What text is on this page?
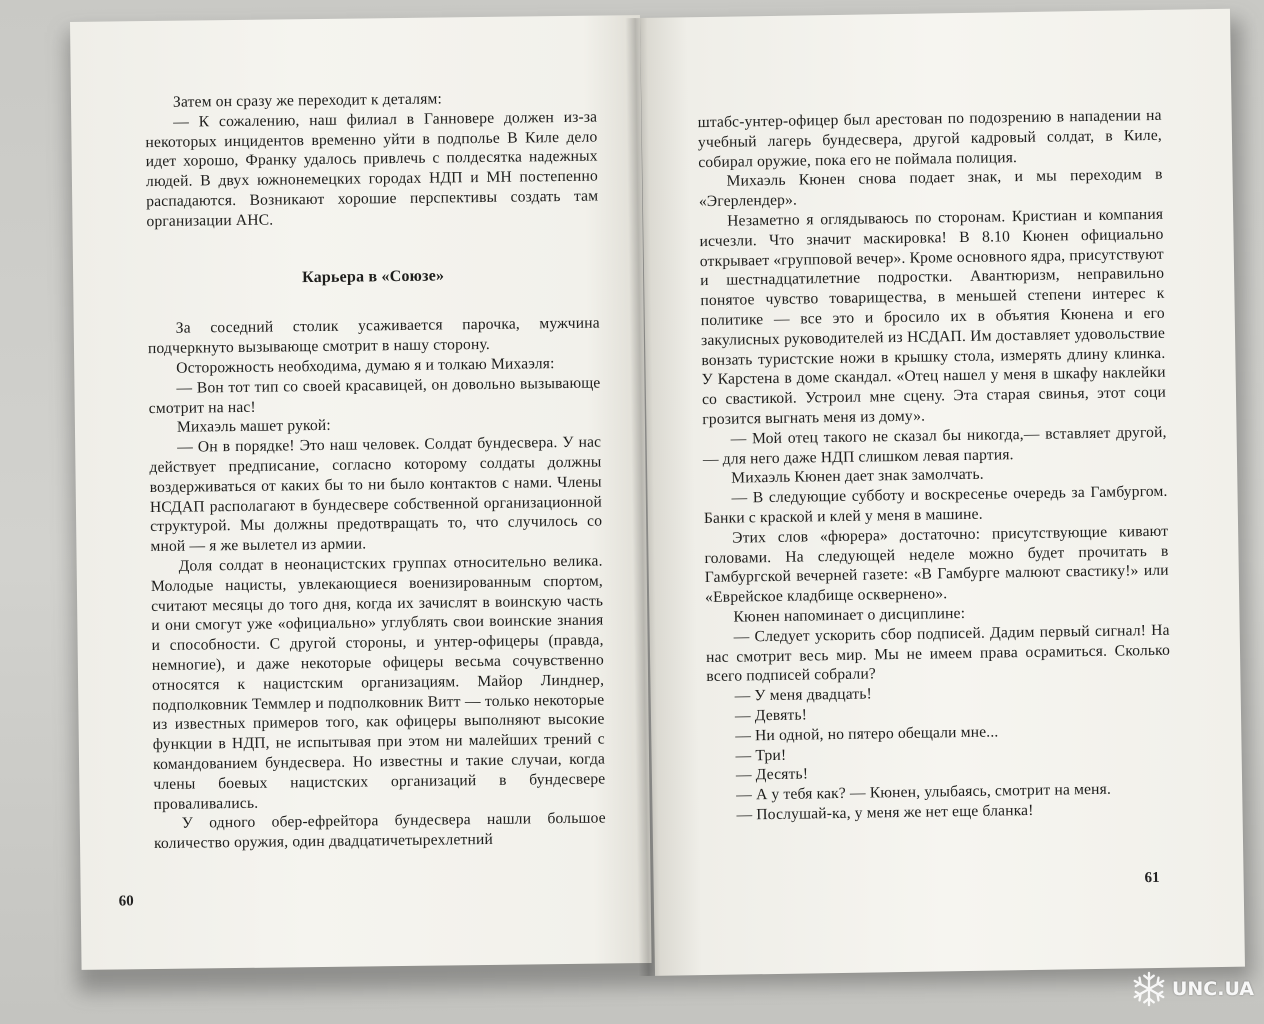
Затем он сразу же переходит к деталям:

— К сожалению, наш филиал в Ганновере должен из-за некоторых инцидентов временно уйти в подполье В Киле дело идет хорошо, Франку удалось привлечь с полдесятка надежных людей. В двух южнонемецких городах НДП и МН постепенно распадаются. Возникают хорошие перспективы создать там организации АНС.

Карьера в «Союзе»

За соседний столик усаживается парочка, мужчина подчеркнуто вызывающе смотрит в нашу сторону.

Осторожность необходима, думаю я и толкаю Михаэля:

— Вон тот тип со своей красавицей, он довольно вызывающе смотрит на нас!

Михаэль машет рукой:

— Он в порядке! Это наш человек. Солдат бундесвера. У нас действует предписание, согласно которому солдаты должны воздерживаться от каких бы то ни было контактов с нами. Члены НСДАП располагают в бундесвере собственной организационной структурой. Мы должны предотвращать то, что случилось со мной — я же вылетел из армии.

Доля солдат в неонацистских группах относительно велика. Молодые нацисты, увлекающиеся военизированным спортом, считают месяцы до того дня, когда их зачислят в воинскую часть и они смогут уже «официально» углублять свои воинские знания и способности. С другой стороны, и унтер-офицеры (правда, немногие), и даже некоторые офицеры весьма сочувственно относятся к нацистским организациям. Майор Линднер, подполковник Теммлер и подполковник Витт — только некоторые из известных примеров того, как офицеры выполняют высокие функции в НДП, не испытывая при этом ни малейших трений с командованием бундесвера. Но известны и такие случаи, когда члены боевых нацистских организаций в бундесвере проваливались.

У одного обер-ефрейтора бундесвера нашли большое количество оружия, один двадцатичетырехлетний

60

штабс-унтер-офицер был арестован по подозрению в нападении на учебный лагерь бундесвера, другой кадровый солдат, в Киле, собирал оружие, пока его не поймала полиция.

Михаэль Кюнен снова подает знак, и мы переходим в «Эгерлендер».

Незаметно я оглядываюсь по сторонам. Кристиан и компания исчезли. Что значит маскировка! В 8.10 Кюнен официально открывает «групповой вечер». Кроме основного ядра, присутствуют и шестнадцатилетние подростки. Авантюризм, неправильно понятое чувство товарищества, в меньшей степени интерес к политике — все это и бросило их в объятия Кюнена и его закулисных руководителей из НСДАП. Им доставляет удовольствие вонзать туристские ножи в крышку стола, измерять длину клинка. У Карстена в доме скандал. «Отец нашел у меня в шкафу наклейки со свастикой. Устроил мне сцену. Эта старая свинья, этот соци грозится выгнать меня из дому».

— Мой отец такого не сказал бы никогда,— вставляет другой,— для него даже НДП слишком левая партия.

Михаэль Кюнен дает знак замолчать.

— В следующие субботу и воскресенье очередь за Гамбургом. Банки с краской и клей у меня в машине.

Этих слов «фюрера» достаточно: присутствующие кивают головами. На следующей неделе можно будет прочитать в Гамбургской вечерней газете: «В Гамбурге малюют свастику!» или «Еврейское кладбище осквернено».

Кюнен напоминает о дисциплине:

— Следует ускорить сбор подписей. Дадим первый сигнал! На нас смотрит весь мир. Мы не имеем права осрамиться. Сколько всего подписей собрали?

— У меня двадцать!

— Девять!

— Ни одной, но пятеро обещали мне...

— Три!

— Десять!

— А у тебя как? — Кюнен, улыбаясь, смотрит на меня.

— Послушай-ка, у меня же нет еще бланка!

61
UNC.UA
